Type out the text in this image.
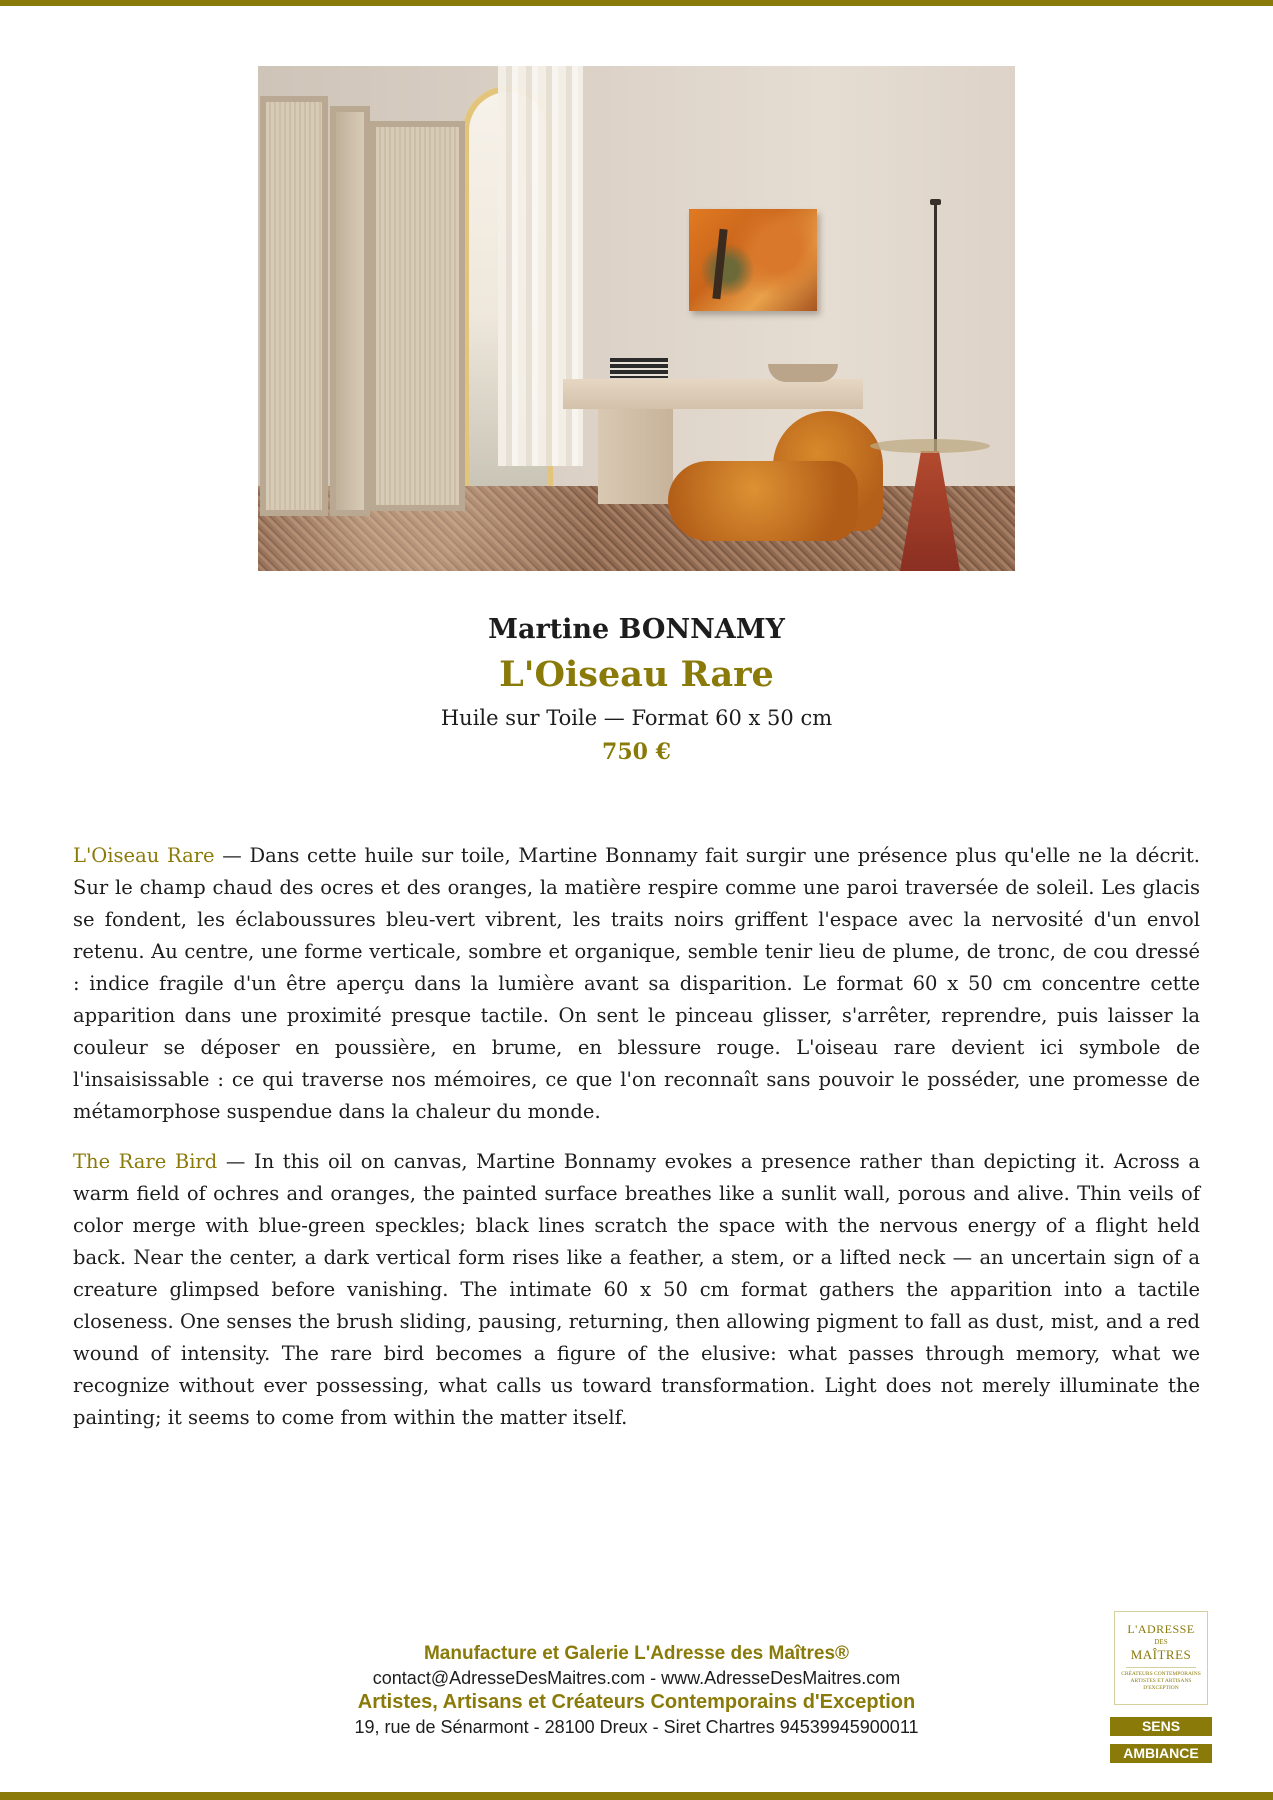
Martine BONNAMY
L'Oiseau Rare
Huile sur Toile — Format 60 x 50 cm
750 €

L'Oiseau Rare — Dans cette huile sur toile, Martine Bonnamy fait surgir une présence plus qu'elle ne la décrit. Sur le champ chaud des ocres et des oranges, la matière respire comme une paroi traversée de soleil. Les glacis se fondent, les éclaboussures bleu-vert vibrent, les traits noirs griffent l'espace avec la nervosité d'un envol retenu. Au centre, une forme verticale, sombre et organique, semble tenir lieu de plume, de tronc, de cou dressé : indice fragile d'un être aperçu dans la lumière avant sa disparition. Le format 60 x 50 cm concentre cette apparition dans une proximité presque tactile. On sent le pinceau glisser, s'arrêter, reprendre, puis laisser la couleur se déposer en poussière, en brume, en blessure rouge. L'oiseau rare devient ici symbole de l'insaisissable : ce qui traverse nos mémoires, ce que l'on reconnaît sans pouvoir le posséder, une promesse de métamorphose suspendue dans la chaleur du monde.

The Rare Bird — In this oil on canvas, Martine Bonnamy evokes a presence rather than depicting it. Across a warm field of ochres and oranges, the painted surface breathes like a sunlit wall, porous and alive. Thin veils of color merge with blue-green speckles; black lines scratch the space with the nervous energy of a flight held back. Near the center, a dark vertical form rises like a feather, a stem, or a lifted neck — an uncertain sign of a creature glimpsed before vanishing. The intimate 60 x 50 cm format gathers the apparition into a tactile closeness. One senses the brush sliding, pausing, returning, then allowing pigment to fall as dust, mist, and a red wound of intensity. The rare bird becomes a figure of the elusive: what passes through memory, what we recognize without ever possessing, what calls us toward transformation. Light does not merely illuminate the painting; it seems to come from within the matter itself.

Manufacture et Galerie L'Adresse des Maîtres®
contact@AdresseDesMaitres.com - www.AdresseDesMaitres.com
Artistes, Artisans et Créateurs Contemporains d'Exception
19, rue de Sénarmont - 28100 Dreux - Siret Chartres 94539945900011
L'ADRESSE
DES
MAÎTRES
CRÉATEURS CONTEMPORAINS ARTISTES ET ARTISANS D'EXCEPTION
SENS
AMBIANCE
